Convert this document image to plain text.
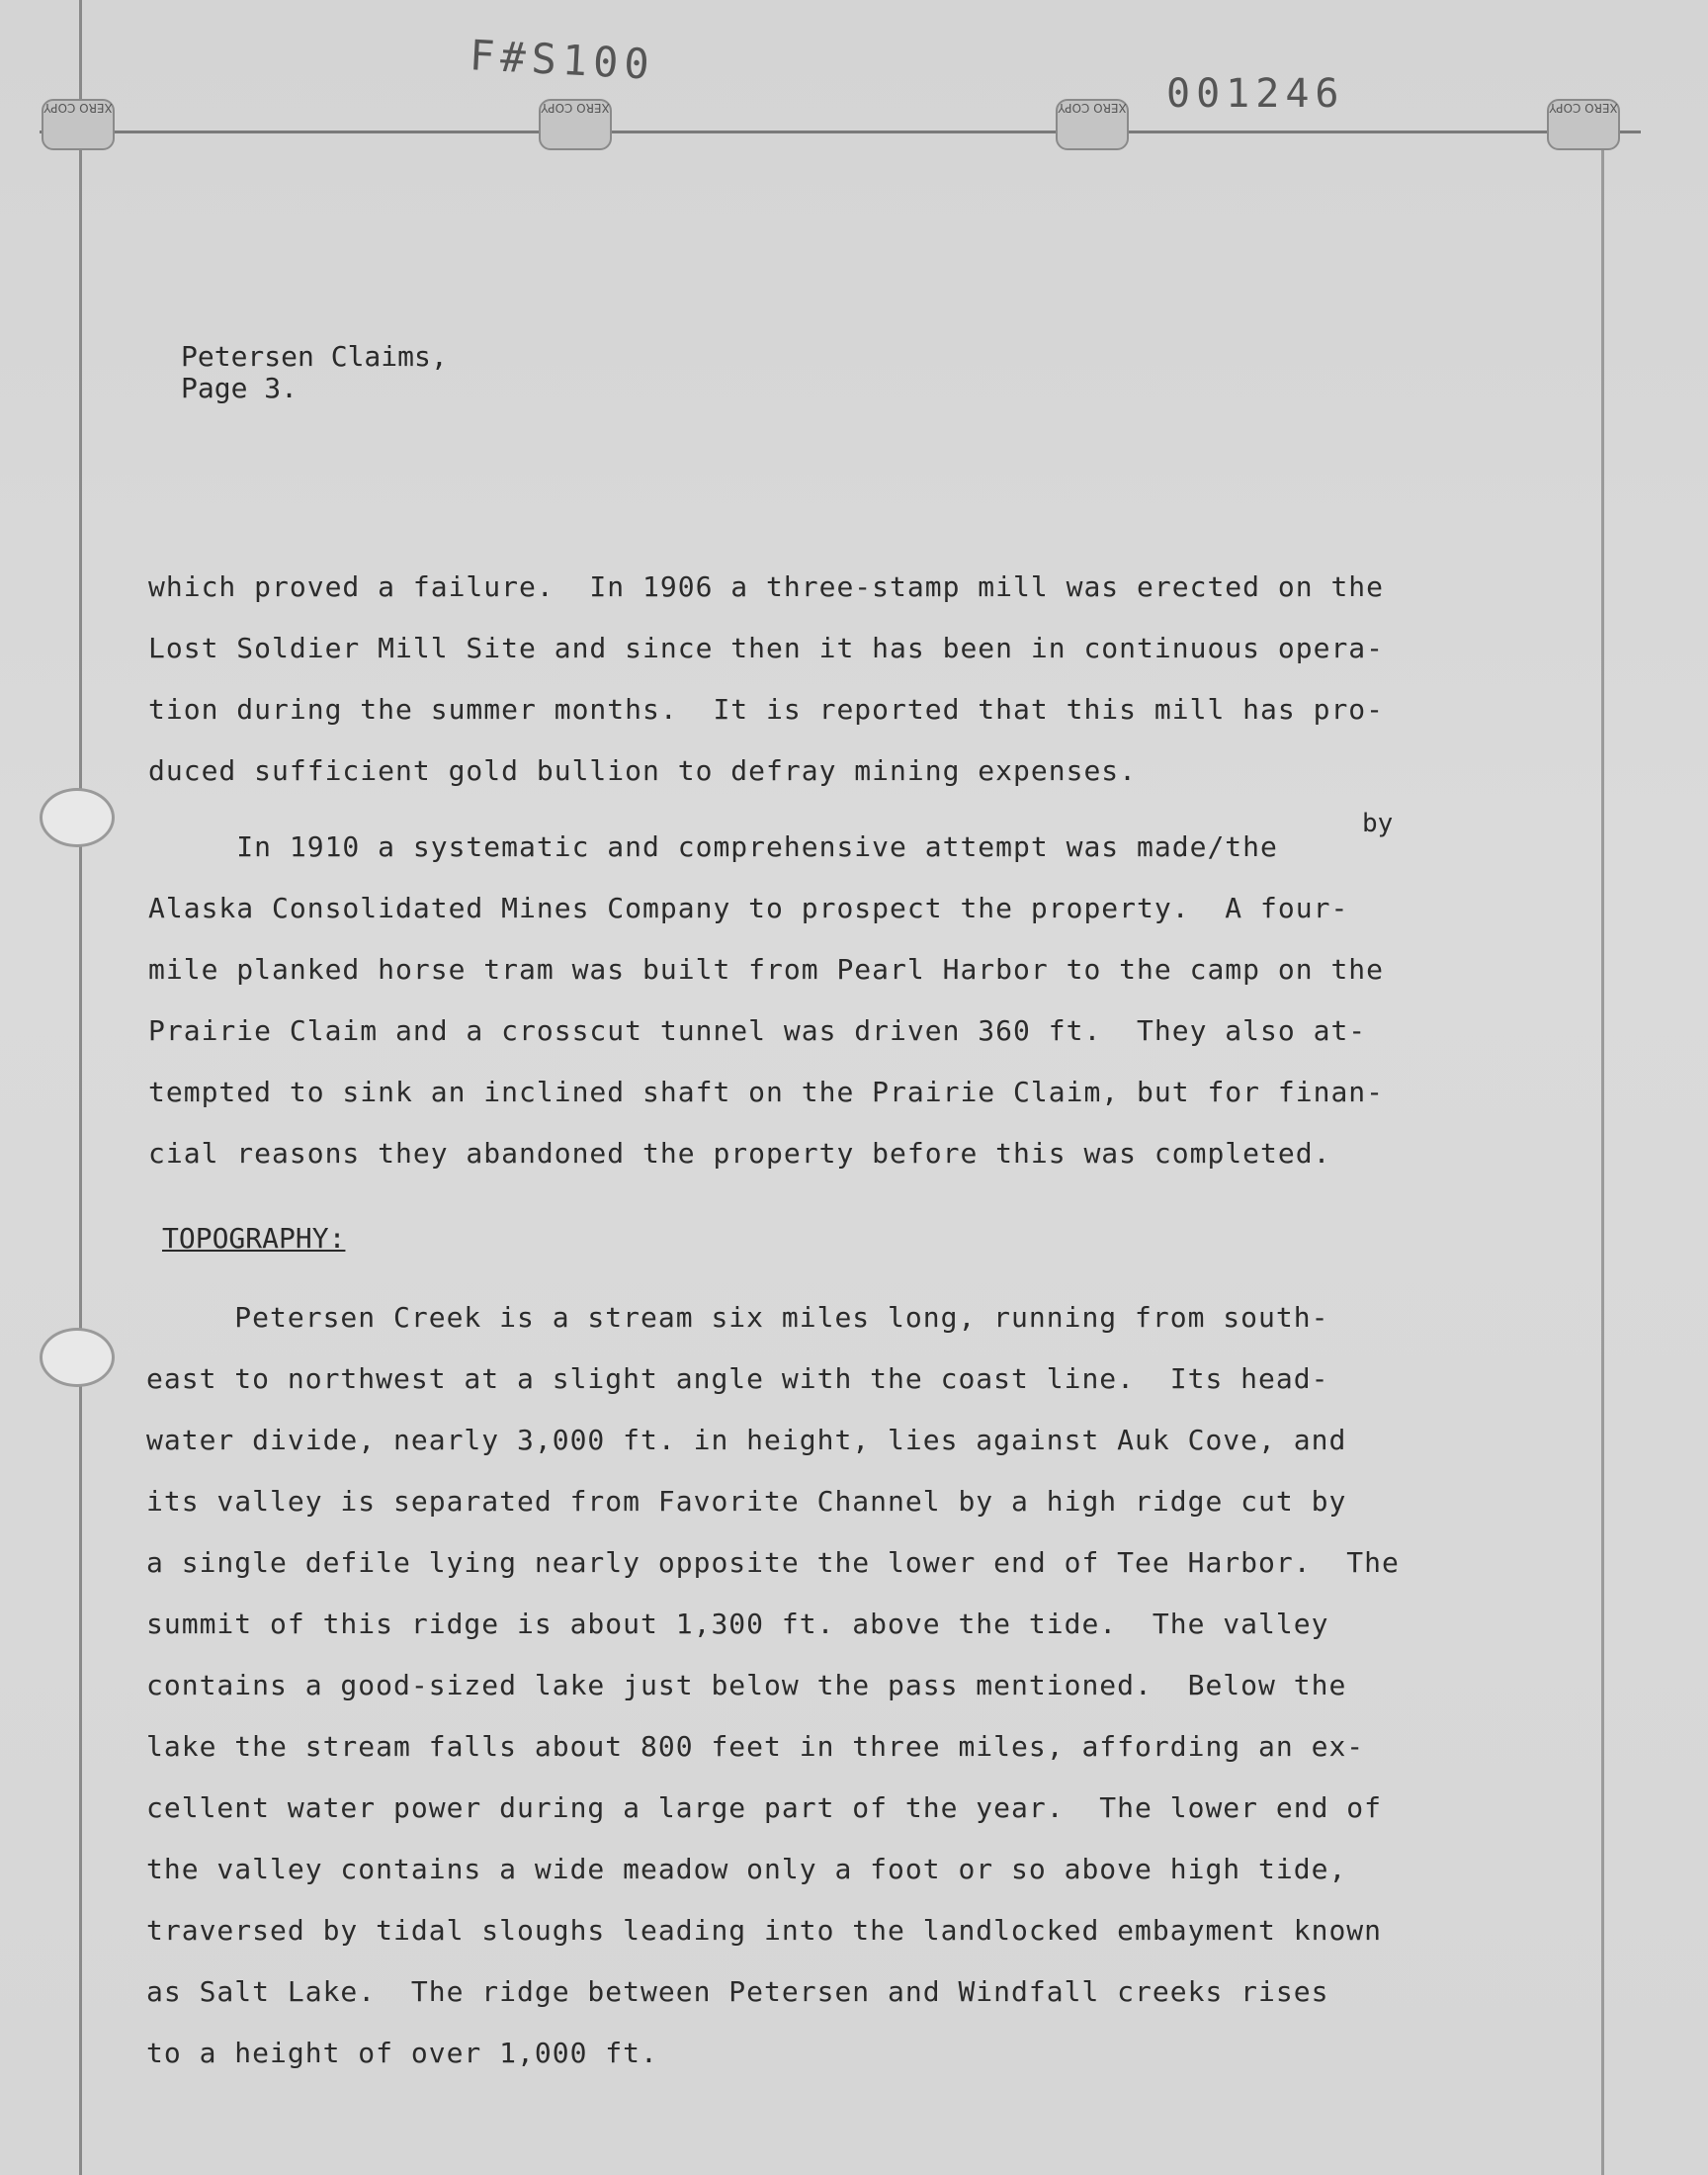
XERO COPY	XERO COPY	XERO COPY	XERO COPY
F#S100
001246
Petersen Claims,
Page 3.
which proved a failure.  In 1906 a three-stamp mill was erected on the
Lost Soldier Mill Site and since then it has been in continuous opera-
tion during the summer months.  It is reported that this mill has pro-
duced sufficient gold bullion to defray mining expenses.
by
In 1910 a systematic and comprehensive attempt was made/the
Alaska Consolidated Mines Company to prospect the property.  A four-
mile planked horse tram was built from Pearl Harbor to the camp on the
Prairie Claim and a crosscut tunnel was driven 360 ft.  They also at-
tempted to sink an inclined shaft on the Prairie Claim, but for finan-
cial reasons they abandoned the property before this was completed.
TOPOGRAPHY:
Petersen Creek is a stream six miles long, running from south-
east to northwest at a slight angle with the coast line.  Its head-
water divide, nearly 3,000 ft. in height, lies against Auk Cove, and
its valley is separated from Favorite Channel by a high ridge cut by
a single defile lying nearly opposite the lower end of Tee Harbor.  The
summit of this ridge is about 1,300 ft. above the tide.  The valley
contains a good-sized lake just below the pass mentioned.  Below the
lake the stream falls about 800 feet in three miles, affording an ex-
cellent water power during a large part of the year.  The lower end of
the valley contains a wide meadow only a foot or so above high tide,
traversed by tidal sloughs leading into the landlocked embayment known
as Salt Lake.  The ridge between Petersen and Windfall creeks rises
to a height of over 1,000 ft.
